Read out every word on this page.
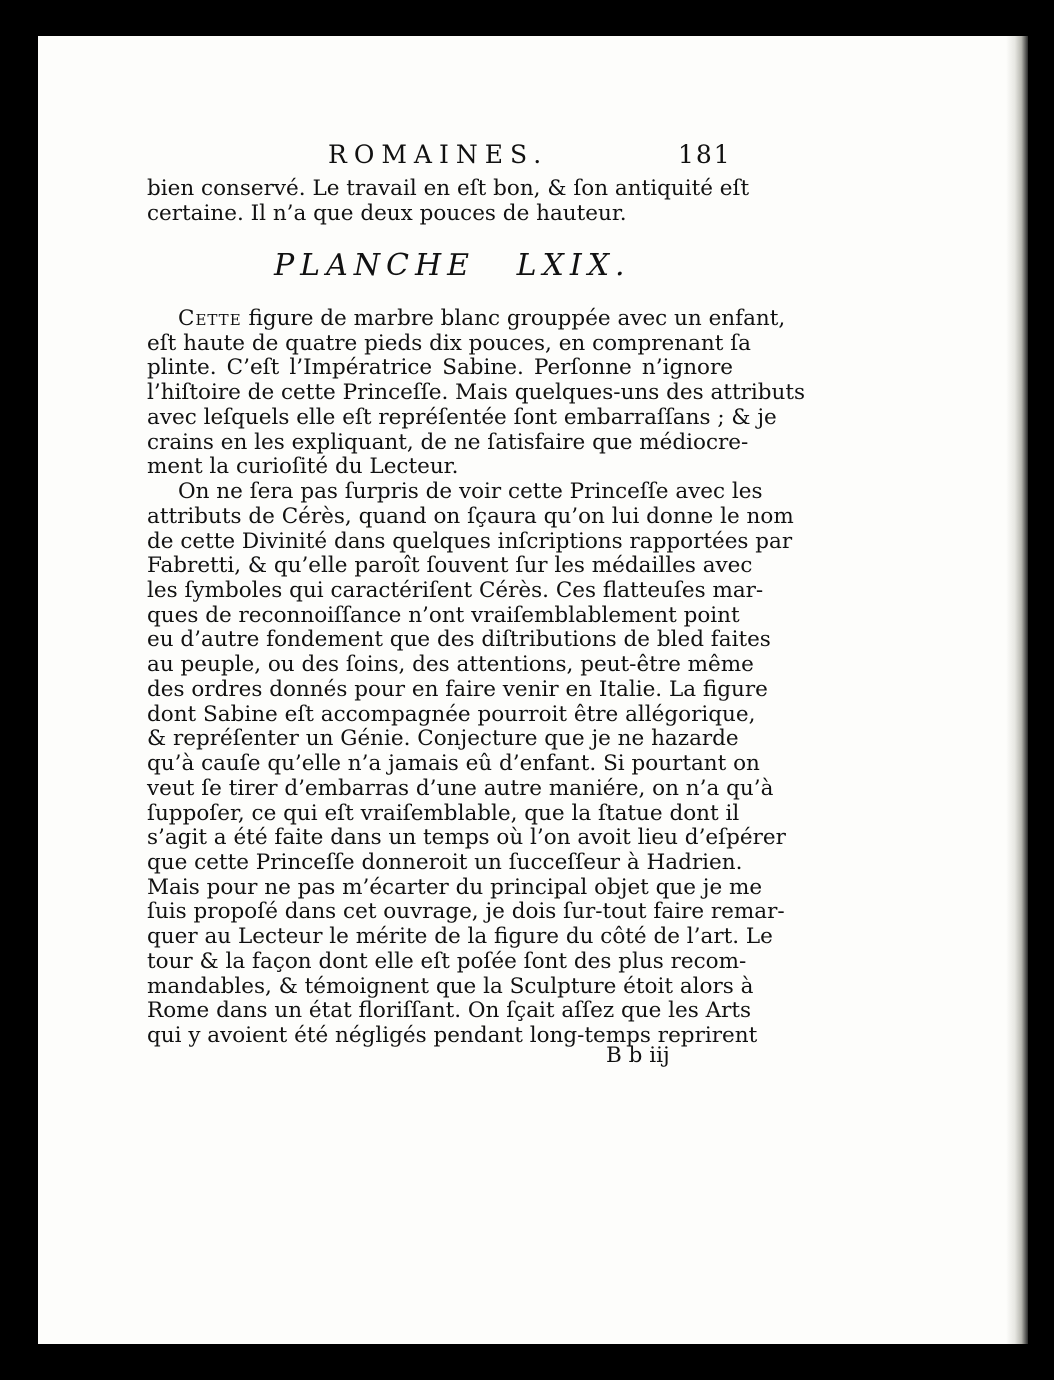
ROMAINES.	181
bien conservé. Le travail en eſt bon, & ſon antiquité eſt
certaine. Il n’a que deux pouces de hauteur.
PLANCHE LXIX.
Cette figure de marbre blanc grouppée avec un enfant,
eſt haute de quatre pieds dix pouces, en comprenant ſa
plinte. C’eſt l’Impératrice Sabine. Perſonne n’ignore
l’hiſtoire de cette Princeſſe. Mais quelques-uns des attributs
avec leſquels elle eſt repréſentée ſont embarraſſans ; & je
crains en les expliquant, de ne ſatisfaire que médiocre-
ment la curioſité du Lecteur.
On ne ſera pas ſurpris de voir cette Princeſſe avec les
attributs de Cérès, quand on ſçaura qu’on lui donne le nom
de cette Divinité dans quelques inſcriptions rapportées par
Fabretti, & qu’elle paroît ſouvent ſur les médailles avec
les ſymboles qui caractériſent Cérès. Ces flatteuſes mar-
ques de reconnoiſſance n’ont vraiſemblablement point
eu d’autre fondement que des diſtributions de bled faites
au peuple, ou des ſoins, des attentions, peut-être même
des ordres donnés pour en faire venir en Italie. La figure
dont Sabine eſt accompagnée pourroit être allégorique,
& repréſenter un Génie. Conjecture que je ne hazarde
qu’à cauſe qu’elle n’a jamais eû d’enfant. Si pourtant on
veut ſe tirer d’embarras d’une autre maniére, on n’a qu’à
ſuppoſer, ce qui eſt vraiſemblable, que la ſtatue dont il
s’agit a été faite dans un temps où l’on avoit lieu d’eſpérer
que cette Princeſſe donneroit un ſucceſſeur à Hadrien.
Mais pour ne pas m’écarter du principal objet que je me
ſuis propoſé dans cet ouvrage, je dois ſur-tout faire remar-
quer au Lecteur le mérite de la figure du côté de l’art. Le
tour & la façon dont elle eſt poſée ſont des plus recom-
mandables, & témoignent que la Sculpture étoit alors à
Rome dans un état floriſſant. On ſçait aſſez que les Arts
qui y avoient été négligés pendant long-temps reprirent
B b iij
